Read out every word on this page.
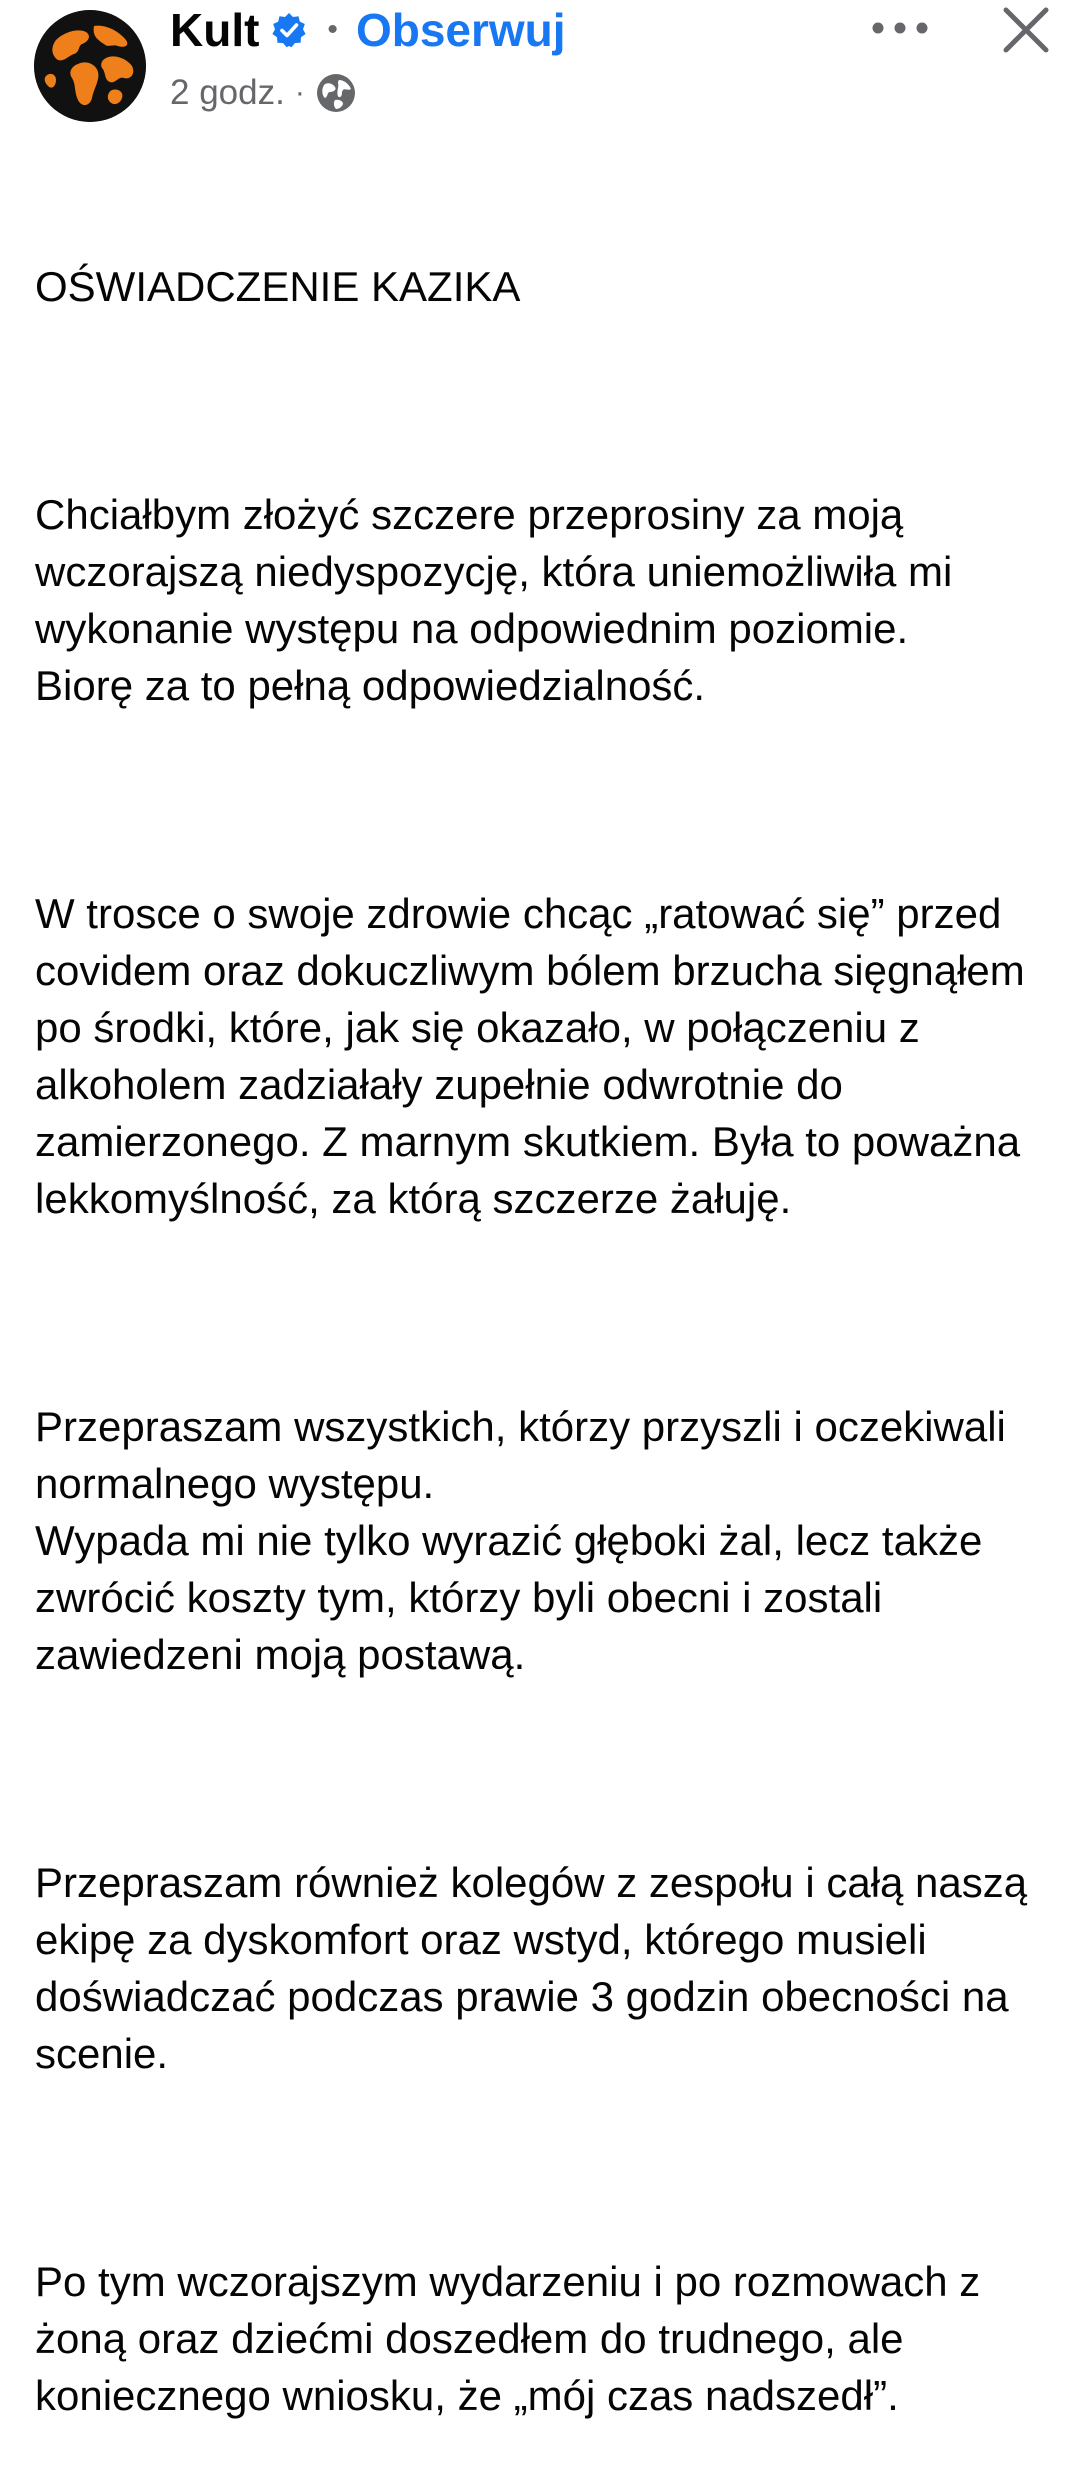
Kult • Obserwuj
2 godz. ·

OŚWIADCZENIE KAZIKA

Chciałbym złożyć szczere przeprosiny za moją wczorajszą niedyspozycję, która uniemożliwiła mi wykonanie występu na odpowiednim poziomie.
Biorę za to pełną odpowiedzialność.

W trosce o swoje zdrowie chcąc „ratować się” przed covidem oraz dokuczliwym bólem brzucha sięgnąłem po środki, które, jak się okazało, w połączeniu z alkoholem zadziałały zupełnie odwrotnie do zamierzonego. Z marnym skutkiem. Była to poważna lekkomyślność, za którą szczerze żałuję.

Przepraszam wszystkich, którzy przyszli i oczekiwali normalnego występu.
Wypada mi nie tylko wyrazić głęboki żal, lecz także zwrócić koszty tym, którzy byli obecni i zostali zawiedzeni moją postawą.

Przepraszam również kolegów z zespołu i całą naszą ekipę za dyskomfort oraz wstyd, którego musieli doświadczać podczas prawie 3 godzin obecności na scenie.

Po tym wczorajszym wydarzeniu i po rozmowach z żoną oraz dziećmi doszedłem do trudnego, ale koniecznego wniosku, że „mój czas nadszedł”.
